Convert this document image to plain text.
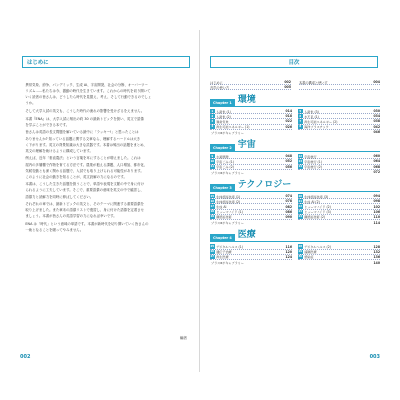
はじめに
異常気象、紛争、パンデミック、生成 AI、宇宙開発、社会の分断、オーバーツー
リズム……私たちは今、激動の時代を生きています。これからの時代を切り開いて
いく読者の皆さんは、どうしたら時代を見据え、考え、そして行動できるのでしょ
うか。
そして大学入試の英文も、こうした時代の流れの影響を受けざるをえません。
本書『ENA』は、大学入試に頻出の約 30 の最新トピックを扱い、英文で語彙
を学ぶことができる本です。
皆さんは英語の長文問題を解いている最中に「ラッキー!」と思ったことは
ありませんか? 知っている話題に関する文章なら、理解するハードルは大き
く下がります。英文の背景知識は大きな武器です。本書は頻出の話題をまとめ、
英文の理解を助けるように構成しています。
例えば、近年「垂直農法」という言葉を耳にすることが増えました。これは
屋内の多層棚で作物を育てる方法です。農業が抱える課題、人口増加、都市化、
気候変動とも深く関わる話題で、入試でも取り上げられる可能性があります。
このように社会の動きを知ることが、英文読解の力になるのです。
本書は、こうした生きた話題を扱うことで、単語や表現を文脈の中で身に付け
られるように工夫しています。そこで、重要語彙の意味を英文の中で確認し、
語彙力と読解力を同時に伸ばしてください。
それぞれの章では、最新トピックの英文と、そのテーマに関連する重要語彙を
取り上げました。また章末の語彙リストで復習し、身に付けた語彙を定着させ
ましょう。本書が皆さんの英語学習の力になれば幸いです。
ENA は「時代」という意味の単語です。本書が新時代を切り開いていく皆さんの
一助となることを願ってやみません。
編者
002
目次
はじめに	002
音声の使い方	005
本書の構成と使い方	004
Chapter 1 環境
1 人新世 (1)	014
2 人新世 (2)	018
3 異常気象	022
4 再生可能エネルギー (1)	026
5 人新世 (3)	030
6 水不足 (1)	034
7 再生可能エネルギー (2)	038
8 海洋プラスチック	042
プラスαボキャブラリー	046
Chapter 2 宇宙
9 火星開発	048
10 宇宙ごみ (1)	052
11 宇宙ごみ (2)	056
12 宇宙旅行	060
13 宇宙旅行 (1)	064
14 宇宙旅行 (2)	068
プラスαボキャブラリー	072
Chapter 3 テクノロジー
15 生体認証技術 (1)	074
16 生体認証技術 (2)	078
17 生成 AI	082
18 ヒューマノイド (1)	086
19 顔認証技術	090
20 生体認証技術 (3)	094
21 生成 AI (2)	098
22 ヒューマノイド (2)	102
23 ヒューマノイド (3)	106
24 顔認証技術 (2)	110
プラスαボキャブラリー	114
Chapter 4 医療
25 デジタルヘルス (1)	116
26 遺伝子治療	120
27 再生医療	124
28 デジタルヘルス (2)	128
29 遠隔医療	132
30 感染症	136
プラスαボキャブラリー	140
003
